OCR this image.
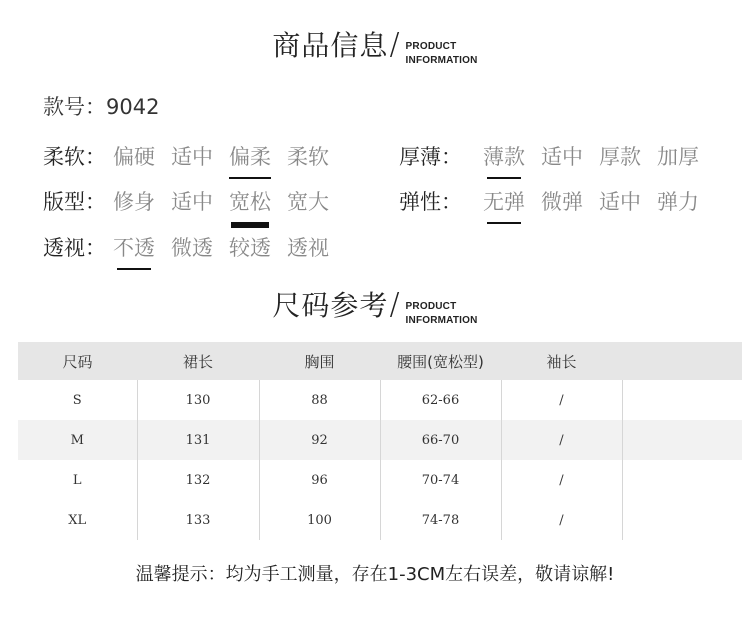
商品信息 / PRODUCT
INFORMATION
款号：9042
柔软： 偏硬 适中 偏柔 柔软	厚薄：	薄款 适中 厚款 加厚
版型： 修身 适中 宽松 宽大	弹性：	无弹 微弹 适中 弹力
透视： 不透 微透 较透 透视
尺码参考 / PRODUCT
INFORMATION
尺码	裙长	胸围	腰围(宽松型)	袖长	
S	130	88	62-66	/	
M	131	92	66-70	/	
L	132	96	70-74	/	
XL	133	100	74-78	/	
温馨提示：均为手工测量，存在1-3CM左右误差，敬请谅解!
